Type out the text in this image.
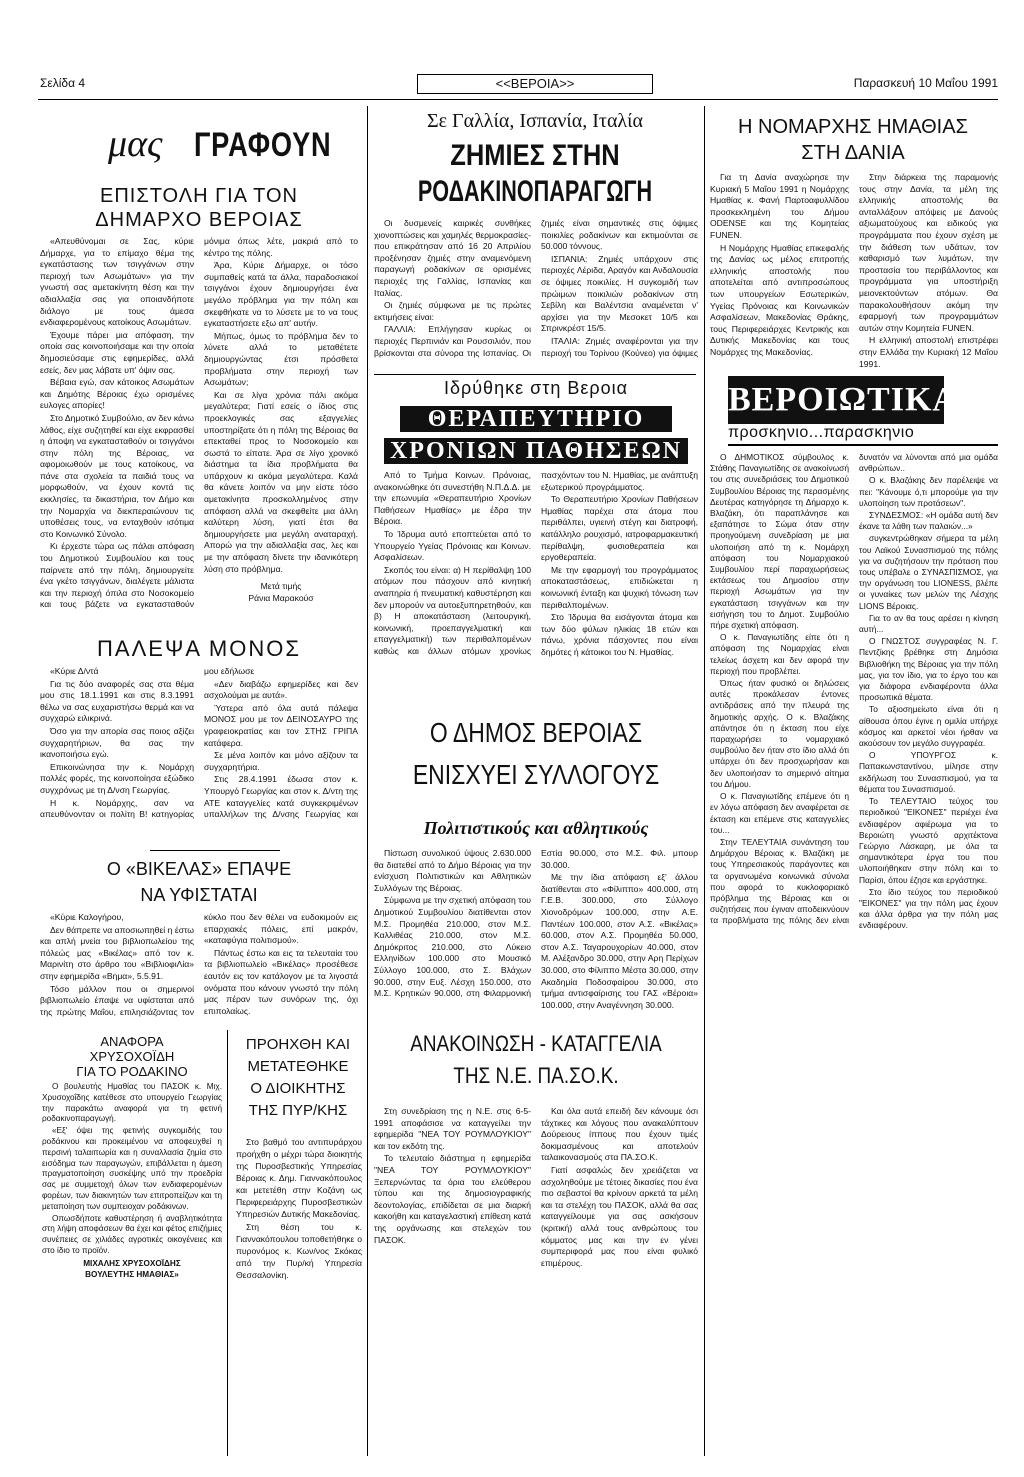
Σελίδα 4	<<ΒΕΡΟΙΑ>>	Παρασκευή 10 Μαΐου 1991
μας ΓΡΑΦΟΥΝ
ΕΠΙΣΤΟΛΗ ΓΙΑ ΤΟΝ
ΔΗΜΑΡΧΟ ΒΕΡΟΙΑΣ

«Απευθύνομαι σε Σας, κύριε Δήμαρχε, για το επίμαχο θέμα της εγκατάστασης των τσιγγάνων στην περιοχή των Ασωμάτων» για την γνωστή σας αμετακίνητη θέση και την αδιαλλαξία σας για οποιανδήποτε διάλογο με τους άμεσα ενδιαφερομένους κατοίκους Ασωμάτων.

Έχουμε πάρει μια απόφαση, την οποία σας κοινοποιήσαμε και την οποία δημοσιεύσαμε στις εφημερίδες, αλλά εσείς, δεν μας λάβατε υπ' όψιν σας.

Βέβαια εγώ, σαν κάτοικος Ασωμάτων και Δημότης Βέροιας έχω ορισμένες ευλογες απορίες!

Στο Δημοτικό Συμβούλιο, αν δεν κάνω λάθος, είχε συζητηθεί και είχε εκφρασθεί η άποψη να εγκατασταθούν οι τσιγγάνοι στην πόλη της Βέροιας, να αφομοιωθούν με τους κατοίκους, να πάνε στα σχολεία τα παιδιά τους να μορφωθούν, να έχουν κοντά τις εκκλησίες, τα δικαστήρια, τον Δήμο και την Νομαρχία να διεκπεραιώνουν τις υποθέσεις τους, να ενταχθούν ισότιμα στο Κοινωνικό Σύνολο.

Κι έρχεστε τώρα ως πάλαι απόφαση του Δημοτικού Συμβουλίου και τους παίρνετε από την πόλη, δημιουργείτε ένα γκέτο τσιγγάνων, διαλέγετε μάλιστα και την περιοχή όπιλα στο Νοσοκομείο και τους βάζετε να εγκατασταθούν μόνιμα όπως λέτε, μακριά από το κέντρο της πόλης.

Άρα, Κύριε Δήμαρχε, οι τόσο συμπαθείς κατά τα άλλα, παραδοσιακοί τσιγγάνοι έχουν δημιουργήσει ένα μεγάλο πρόβλημα για την πόλη και σκεφθήκατε να το λύσετε με το να τους εγκαταστήσετε εξω απ' αυτήν.

Μήπως, όμως το πρόβλημα δεν το λύνετε αλλά το μεταθέτετε δημιουργώντας έτσι πρόσθετα προβλήματα στην περιοχή των Ασωμάτων;

Και σε λίγα χρόνια πάλι ακόμα μεγαλύτερα; Γιατί εσείς ο ίδιος στις προεκλογικές σας εξαγγελίες υποστηρίξατε ότι η πόλη της Βέροιας θα επεκταθεί προς το Νοσοκομείο και σωστά το είπατε. Άρα σε λίγο χρονικό διάστημα τα ίδια προβλήματα θα υπάρχουν κι ακόμα μεγαλύτερα. Καλά θα κάνετε λοιπόν να μην είστε τόσο αμετακίνητα προσκολλημένος στην απόφαση αλλά να σκεφθείτε μια άλλη καλύτερη λύση, γιατί έτσι θα δημιουργήσετε μια μεγάλη αναταραχή. Απορώ για την αδιαλλαξία σας, λες και με την απόφαση δίνετε την ιδανικότερη λύση στο πρόβλημα.

Μετά τιμής
Ράνια Μαρακούσ
ΠΑΛΕΨΑ ΜΟΝΟΣ

«Κύριε Δ/ντά

Για τις δύο αναφορές σας στα θέμα μου στις 18.1.1991 και στις 8.3.1991 θέλω να σας ευχαριστήσω θερμά και να συγχαρώ ειλικρινά.

Όσο για την απορία σας ποιος αξίζει συγχαρητήριων, θα σας την ικανοποιήσω εγώ.

Επικοινώνησα την κ. Νομάρχη πολλές φορές, της κοινοποίησα εξώδικο συγχρόνως με τη Δ/νση Γεωργίας.

Η κ. Νομάρχης, σαν να απευθύνονταν οι πολίτη Β! κατηγορίας μου εδήλωσε

«Δεν διαβάζω εφημερίδες και δεν ασχολούμαι με αυτά».

Ύστερα από όλα αυτά πάλεψα ΜΟΝΟΣ μου με τον ΔΕΙΝΟΣΑΥΡΟ της γραφειοκρατίας και τον ΣΤΗΣ ΓΡΙΠΑ κατάφερα.

Σε μένα λοιπόν και μόνο αξίζουν τα συγχαρητήρια.

Στις 28.4.1991 έδωσα στον κ. Υπουργό Γεωργίας και στον κ. Δ/ντη της ΑΤΕ καταγγελίες κατά συγκεκριμένων υπαλλήλων της Δ/νσης Γεωργίας και

Ο «ΒΙΚΕΛΑΣ» ΕΠΑΨΕ
ΝΑ ΥΦΙΣΤΑΤΑΙ

«Κύριε Καλογήρου,

Δεν θάπρεπε να αποσιωπηθεί η έστω και απλή μνεία του βιβλιοπωλείου της πόλεώς μας «Βικέλας» από τον κ. Μαρινίτη στο άρθρο του «ΒιβλιοφιΛία» στην εφημερίδα «Βημα», 5.5.91.

Τόσο μάλλον που οι σημερινοί βιβλιοπωλείο έπαψε να υφίσταται από της πρώτης Μαΐου, επιλησιάζοντας τον κύκλο που δεν θέλει να ευδοκιμούν εις επαρχιακές πόλεις, επί μακρόν, «καταφύγια πολιτισμού».

Πάντως έστω και εις τα τελευταία του τα βιβλιοπωλείο «Βικέλας» προσέθεσε εαυτόν εις τον κατάλογον με τα λιγοστά ονόματα που κάνουν γνωστό την πόλη μας πέραν των συνόρων της, όχι επιπολαίως.

ΑΝΑΦΟΡΑ
ΧΡΥΣΟΧΟΪΔΗ
ΓΙΑ ΤΟ ΡΟΔΑΚΙΝΟ

Ο βουλευτής Ημαθίας του ΠΑΣΟΚ κ. Μιχ. Χρυσοχοΐδης κατέθεσε στο υπουργείο Γεωργίας την παρακάτω αναφορά για τη φετινή ροδακινοπαραγωγή.

«Εξ' όψει της φετινής συγκομιδής του ροδάκινου και προκειμένου να αποφευχθεί η περσινή ταλαιπωρία και η συναλλασία ζημία στο εισόδημα των παραγωγών, επιβάλλεται η άμεση πραγματοποίηση συσκέψης υπό την προεδρία σας με συμμετοχή όλων των ενδιαφερομένων φορέων, των διακινητών των επιτροπείζων και τη μεταποίηση των συμπειοχαν ροδάκινων.

Οπωσδήποτε καθυστέρηση ή αναβλητικότητα στη λήψη αποφάσεων θα έχει και φέτος επιζήμιες συνέπειες σε χιλιάδες αγροτικές οικογένειες και στο ίδιο το προϊόν.

ΜΙΧΑΛΗΣ ΧΡΥΣΟΧΟΪΔΗΣ
ΒΟΥΛΕΥΤΗΣ ΗΜΑΘΙΑΣ»
ΠΡΟΗΧΘΗ ΚΑΙ
ΜΕΤΑΤΕΘΗΚΕ
Ο ΔΙΟΙΚΗΤΗΣ
ΤΗΣ ΠΥΡ/ΚΗΣ

Στο βαθμό του αντιπυράρχου προήχθη ο μέχρι τώρα διοικητής της Πυροσβεστικής Υπηρεσίας Βέροιας κ. Δημ. Γιαννακόπουλος και μετετέθη στην Κοζάνη ως Περιφερειάρχης Πυροσβεστικών Υπηρεσιών Δυτικής Μακεδονίας.

Στη θέση του κ. Γιαννακόπουλου τοποθετήθηκε ο πυρονόμος κ. Κων/νος Σκόκας από την Πυρ/κή Υπηρεσία Θεσσαλονίκη.

Σε Γαλλία, Ισπανία, Ιταλία
ΖΗΜΙΕΣ ΣΤΗΝ
ΡΟΔΑΚΙΝΟΠΑΡΑΓΩΓΗ

Οι δυσμενείς καιρικές συνθήκες χιονοπτώσεις και χαμηλές θερμοκρασίες-που επικράτησαν από 16 20 Απριλίου προξένησαν ζημιές στην αναμενόμενη παραγωγή ροδακίνων σε ορισμένες περιοχές της Γαλλίας, Ισπανίας και Ιταλίας.

Οι ζημιές σύμφωνα με τις πρώτες εκτιμήσεις είναι:

ΓΑΛΛΙΑ: Επλήγησαν κυρίως οι περιοχές Περπινιάν και Ρουσσιλιόν, που βρίσκονται στα σύνορα της Ισπανίας. Οι ζημιές είναι σημαντικές στις όψιμες ποικιλίες ροδακίνων και εκτιμούνται σε 50.000 τόννους.

ΙΣΠΑΝΙΑ: Ζημιές υπάρχουν στις περιοχές Λέριδα, Αραγόν και Ανδαλουσία σε όψιμες ποικιλίες. Η συγκομιδή των πρώιμων ποικιλιών ροδακίνων στη Σεβίλη και Βαλέντσια αναμένεται ν' αρχίσει για την Μεσοκετ 10/5 και Σπρινκρέστ 15/5.

ΙΤΑΛΙΑ: Ζημιές αναφέρονται για την περιοχή του Τορίνου (Κούνεο) για όψιμες

Ιδρύθηκε στη Βεροια
ΘΕΡΑΠΕΥΤΗΡΙΟ
ΧΡΟΝΙΩΝ ΠΑΘΗΣΕΩΝ

Από το Τμήμα Κοινων. Πρόνοιας, ανακοινώθηκε ότι συνεστήθη Ν.Π.Δ.Δ. με την επωνυμία «Θεραπευτήριο Χρονίων Παθήσεων Ημαθίας» με έδρα την Βέροια.

Το Ίδρυμα αυτό εποπτεύεται από το Υπουργείο Υγείας Πρόνοιας και Κοινων. Ασφαλίσεων.

Σκοπός του είναι: α) Η περίθαλψη 100 ατόμων που πάσχουν από κινητική αναπηρία ή πνευματική καθυστέρηση και δεν μπορούν να αυτοεξυπηρετηθούν, και β) Η αποκατάσταση (λειτουργική, κοινωνική, προεπαγγελματική και επαγγελματική) των περιθαλπομένων καθώς και άλλων ατόμων χρονίως πασχόντων του Ν. Ημαθίας, με ανάπτυξη εξωτερικού προγράμματος.

Το Θεραπευτήριο Χρονίων Παθήσεων Ημαθίας παρέχει στα άτομα που περιθάλπει, υγιεινή στέγη και διατροφή, κατάλληλο ρουχισμό, ιατροφαρμακευτική περίθαλψη, φυσιοθεραπεία και εργοθεραπεία.

Με την εφαρμογή του προγράμματος αποκαταστάσεως, επιδιώκεται η κοινωνική ένταξη και ψυχική τόνωση των περιθαλπομένων.

Στο Ίδρυμα θα εισάγονται άτομα και των δύο φύλων ηλικίας 18 ετών και πάνω, χρόνια πάσχοντες που είναι δημότες ή κάτοικοι του Ν. Ημαθίας.

Ο ΔΗΜΟΣ ΒΕΡΟΙΑΣ
ΕΝΙΣΧΥΕΙ ΣΥΛΛΟΓΟΥΣ
Πολιτιστικούς και αθλητικούς

Πίστωση συνολικού ύψους 2.630.000 θα διατεθεί από το Δήμο Βέροιας για την ενίσχυση Πολιτιστικών και Αθλητικών Συλλόγων της Βέροιας.

Σύμφωνα με την σχετική απόφαση του Δημοτικού Συμβουλίου διατίθενται στον Μ.Σ. Προμηθέα 210.000, στον Μ.Σ. Καλλιθέας 210.000, στον Μ.Σ. Δημόκριτος 210.000, στο Λύκειο Ελληνίδων 100.000 στο Μουσικό Σύλλογο 100.000, στο Σ. Βλάχων 90.000, στην Ευξ. Λέσχη 150.000, στο Μ.Σ. Κρητικών 90.000, στη Φιλαρμονική Εστία 90.000, στο Μ.Σ. Φιλ. μπουρ 30.000.

Με την ίδια απόφαση εξ' άλλου διατίθενται στο «Φίλιππο» 400.000, στη Γ.Ε.Β. 300.000, στο Σύλλογο Χιονοδρόμων 100.000, στην Α.Ε. Παντέων 100.000, στον Α.Σ. «Βικέλας» 60.000, στον Α.Σ. Προμηθέα 50.000, στον Α.Σ. Ταγαρουχορίων 40.000, στον Μ. Αλέξανδρο 30.000, στην Αρη Περίχων 30.000, στο Φίλιππο Μέστα 30.000, στην Ακαδημία Ποδοσφαίρου 30.000, στο τμήμα αντισφαίρισης του ΓΑΣ «Βέροια» 100.000, στην Αναγέννηση 30.000.

ΑΝΑΚΟΙΝΩΣΗ - ΚΑΤΑΓΓΕΛΙΑ
ΤΗΣ Ν.Ε. ΠΑ.ΣΟ.Κ.

Στη συνεδρίαση της η Ν.Ε. στις 6-5-1991 αποφάσισε να καταγγείλει την εφημερίδα "ΝΕΑ ΤΟΥ ΡΟΥΜΛΟΥΚΙΟΥ" και τον εκδότη της.

Το τελευταίο διάστημα η εφημερίδα "ΝΕΑ ΤΟΥ ΡΟΥΜΛΟΥΚΙΟΥ" Ξεπερνώντας τα όρια του ελεύθερου τύπου και της δημοσιογραφικής δεοντολογίας, επιδίδεται σε μια διαρκή κακοήθη και καταγελαστική επίθεση κατά της οργάνωσης και στελεχών του ΠΑΣΟΚ.

Και όλα αυτά επειδή δεν κάνουμε όσι τάχτικες και λόγους που ανακαλύπτουν Δούρειους ίππους που έχουν τιμές δοκιμασμένους και αποτελούν ταλαικονασμούς στα ΠΑ.ΣΟ.Κ.

Γιατί ασφαλώς δεν χρειάζεται να ασχοληθούμε με τέτοιες δικασίες που ένα πιο σεβαστοί θα κρίνουν αρκετά τα μέλη και τα στελέχη του ΠΑΣΟΚ, αλλά θα σας καταγγείλουμε για σας ασκήσουν (κριτική) αλλά τους ανθρώπους του κόμματος μας και την εν γένει συμπεριφορά μας που είναι φυλικό επιμέρους.

Η ΝΟΜΑΡΧΗΣ ΗΜΑΘΙΑΣ
ΣΤΗ ΔΑΝΙΑ

Για τη Δανία αναχώρησε την Κυριακή 5 Μαΐου 1991 η Νομάρχης Ημαθίας κ. Φανή Παρτοαφυλλίδου προσκεκλημένη του Δήμου ODENSE και της Κομητείας FUNEN.

Η Νομάρχης Ημαθίας επικεφαλής της Δανίας ως μέλος επιτροπής ελληνικής αποστολής που αποτελείται από αντιπροσώπους των υπουργείων Εσωτερικών, Υγείας Πρόνοιας και Κοινωνικών Ασφαλίσεων, Μακεδονίας Θράκης, τους Περιφερειάρχες Κεντρικής και Δυτικής Μακεδονίας και τους Νομάρχες της Μακεδονίας.

Στην διάρκεια της παραμονής τους στην Δανία, τα μέλη της ελληνικής αποστολής θα ανταλλάξουν απόψεις με Δανούς αξιωματούχους και ειδικούς για προγράμματα που έχουν σχέση με την διάθεση των υδάτων, τον καθαρισμό των λυμάτων, την προστασία του περιβάλλοντος και προγράμματα για υποστήριξη μειονεκτούντων ατόμων. Θα παρακολουθήσουν ακόμη την εφαρμογή των προγραμμάτων αυτών στην Κομητεία FUNEN.

Η ελληνική αποστολή επιστρέφει στην Ελλάδα την Κυριακή 12 Μαΐου 1991.

ΒΕΡΟΙΩΤΙΚΑ
προσκηνιο...παρασκηνιο

Ο ΔΗΜΟΤΙΚΟΣ σύμβουλος κ. Στάθης Παναγιωτίδης σε ανακοίνωσή του στις συνεδριάσεις του Δημοτικού Συμβουλίου Βέροιας της περασμένης Δευτέρας κατηγόρησε τη Δήμαρχο κ. Βλαζάκη, ότι παραπλάνησε και εξαπάτησε το Σώμα όταν στην προηγούμενη συνεδρίαση με μια υλοποιήση από τη κ. Νομάρχη απόφαση του Νομαρχιακού Συμβουλίου περί παραχωρήσεως εκτάσεως του Δημοσίου στην περιοχή Ασωμάτων για την εγκατάσταση τσιγγάνων και την εισήγηση του το Δημοτ. Συμβούλιο πήρε σχετική απόφαση.

Ο κ. Παναγιωτίδης είπε ότι η απόφαση της Νομαρχίας είναι τελείως άσχετη και δεν αφορά την περιοχή που προβλέπει.

Όπως ήταν φυσικό οι δηλώσεις αυτές προκάλεσαν έντονες αντιδράσεις από την πλευρά της δημοτικής αρχής. Ο κ. Βλαζάκης απάντησε ότι η έκταση που είχε παραχωρήσει το νομαρχιακό συμβούλιο δεν ήταν στο ίδιο αλλά ότι υπάρχει ότι δεν προσχωρήσαν και δεν υλοποιήσαν το σημερινό αίτημα του Δήμου.

Ο κ. Παναγιωτίδης επέμενε ότι η εν λόγω απόφαση δεν αναφέρεται σε έκταση και επέμενε στις καταγγελίες του...

Στην ΤΕΛΕΥΤΑΙΑ συνάντηση του Δημάρχου Βέροιας κ. Βλαζάκη με τους Υπηρεσιακούς παράγοντες και τα οργανωμένα κοινωνικά σύνολα που αφορά το κυκλοφοριακό πρόβλημα της Βέροιας και οι συζητήσεις που έγιναν αποδεικνύουν τα προβλήματα της πόλης δεν είναι δυνατόν να λύνονται από μια ομάδα ανθρώπων..

Ο κ. Βλαζάκης δεν παρέλειψε να πει: "Κάνουμε ό,τι μπορούμε για την υλοποίηση των προτάσεων".

ΣΥΝΔΕΣΜΟΣ: «Η ομάδα αυτή δεν έκανε τα λάθη των παλαιών...»

συγκεντρώθηκαν σήμερα τα μέλη του Λαϊκού Συνασπισμού της πόλης για να συζητήσουν την πρόταση που τους υπέβαλε ο ΣΥΝΑΣΠΙΣΜΟΣ, για την οργάνωση του LIONESS, βλέπε οι γυναίκες των μελών της Λέσχης LIONS Βέροιας.

Για το αν θα τους αρέσει η κίνηση αυτή...

Ο ΓΝΩΣΤΟΣ συγγραφέας Ν. Γ. Πεντζίκης βρέθηκε στη Δημόσια Βιβλιοθήκη της Βέροιας για την πόλη μας, για τον ίδιο, για το έργο του και για διάφορα ενδιαφέροντα άλλα προσωπικά θέματα.

Το αξιοσημείωτο είναι ότι η αίθουσα όπου έγινε η ομιλία υπήρχε κόσμος και αρκετοί νέοι ήρθαν να ακούσουν τον μεγάλο συγγραφέα.

Ο ΥΠΟΥΡΓΟΣ κ. Παπακωνσταντίνου, μίλησε στην εκδήλωση του Συνασπισμού, για τα θέματα του Συνασπισμού.

Το ΤΕΛΕΥΤΑΙΟ τεύχος του περιοδικού "ΕΙΚΟΝΕΣ" περιέχει ένα ενδιαφέρον αφιέρωμα για το Βεροιώτη γνωστό αρχιτέκτονα Γεώργιο Λάσκαρη, με όλα τα σημαντικότερα έργα του που υλοποιήθηκαν στην πόλη και το Παρίσι, όπου έζησε και εργάστηκε.

Στο ίδιο τεύχος του περιοδικού "ΕΙΚΟΝΕΣ" για την πόλη μας έχουν και άλλα άρθρα για την πόλη μας ενδιαφέρουν.
